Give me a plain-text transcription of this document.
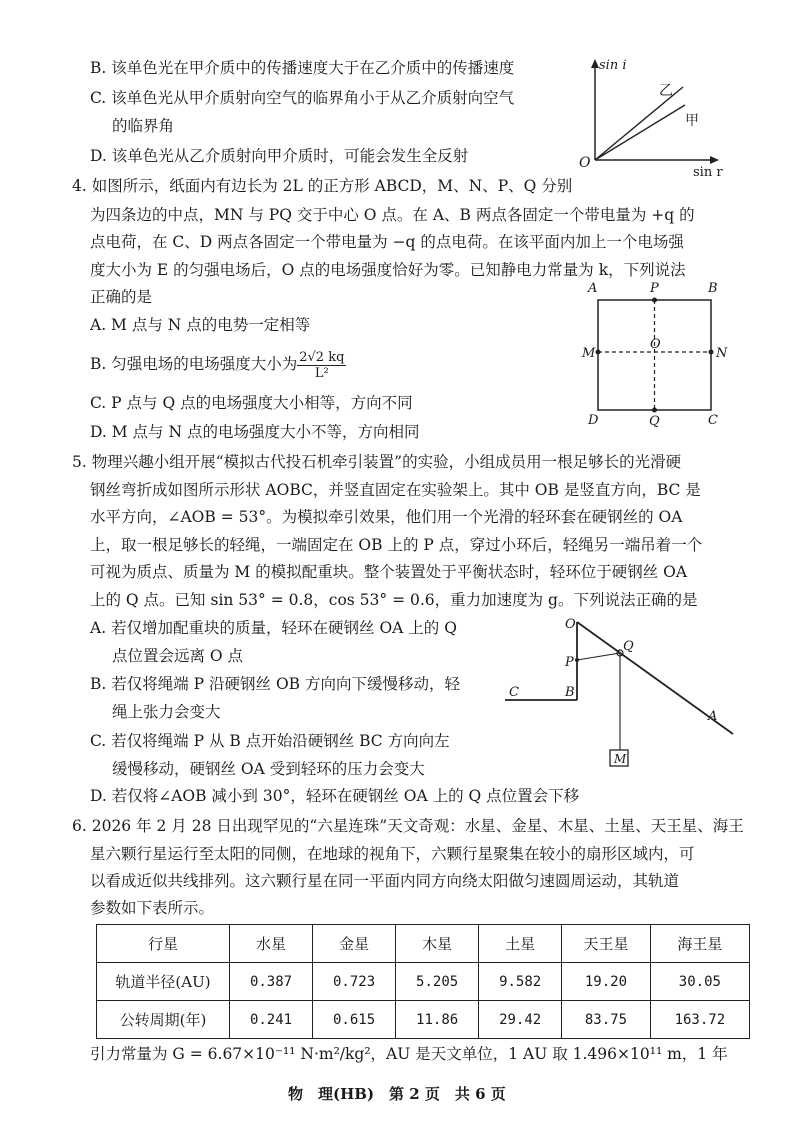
B. 该单色光在甲介质中的传播速度大于在乙介质中的传播速度
C. 该单色光从甲介质射向空气的临界角小于从乙介质射向空气
的临界角
D. 该单色光从乙介质射向甲介质时，可能会发生全反射
sin i
sin r
O
乙
甲
4. 如图所示，纸面内有边长为 2L 的正方形 ABCD，M、N、P、Q 分别
为四条边的中点，MN 与 PQ 交于中心 O 点。在 A、B 两点各固定一个带电量为 +q 的
点电荷，在 C、D 两点各固定一个带电量为 −q 的点电荷。在该平面内加上一个电场强
度大小为 E 的匀强电场后，O 点的电场强度恰好为零。已知静电力常量为 k，下列说法
正确的是
A. M 点与 N 点的电势一定相等
B. 匀强电场的电场强度大小为 $\frac{2√2 kq}{\text{L²}}$
C. P 点与 Q 点的电场强度大小相等，方向不同
D. M 点与 N 点的电场强度大小不等，方向相同
A	P	B
M
O
N
D	Q	C
5. 物理兴趣小组开展“模拟古代投石机牵引装置”的实验，小组成员用一根足够长的光滑硬
钢丝弯折成如图所示形状 AOBC，并竖直固定在实验架上。其中 OB 是竖直方向，BC 是
水平方向，∠AOB = 53°。为模拟牵引效果，他们用一个光滑的轻环套在硬钢丝的 OA
上，取一根足够长的轻绳，一端固定在 OB 上的 P 点，穿过小环后，轻绳另一端吊着一个
可视为质点、质量为 M 的模拟配重块。整个装置处于平衡状态时，轻环位于硬钢丝 OA
上的 Q 点。已知 sin 53° = 0.8，cos 53° = 0.6，重力加速度为 g。下列说法正确的是
A. 若仅增加配重块的质量，轻环在硬钢丝 OA 上的 Q
点位置会远离 O 点
B. 若仅将绳端 P 沿硬钢丝 OB 方向向下缓慢移动，轻
绳上张力会变大
C. 若仅将绳端 P 从 B 点开始沿硬钢丝 BC 方向向左
缓慢移动，硬钢丝 OA 受到轻环的压力会变大
D. 若仅将∠AOB 减小到 30°，轻环在硬钢丝 OA 上的 Q 点位置会下移
O
Q
P
C	B
A
M
6. 2026 年 2 月 28 日出现罕见的“六星连珠”天文奇观：水星、金星、木星、土星、天王星、海王
星六颗行星运行至太阳的同侧，在地球的视角下，六颗行星聚集在较小的扇形区域内，可
以看成近似共线排列。这六颗行星在同一平面内同方向绕太阳做匀速圆周运动，其轨道
参数如下表所示。
行星	水星	金星	木星	土星	天王星	海王星
轨道半径(AU)	0.387	0.723	5.205	9.582	19.20	30.05
公转周期(年)	0.241	0.615	11.86	29.42	83.75	163.72
引力常量为 G = 6.67×10⁻¹¹ N·m²/kg²，AU 是天文单位，1 AU 取 1.496×10¹¹ m，1 年
物　理(HB)　第 2 页　共 6 页
